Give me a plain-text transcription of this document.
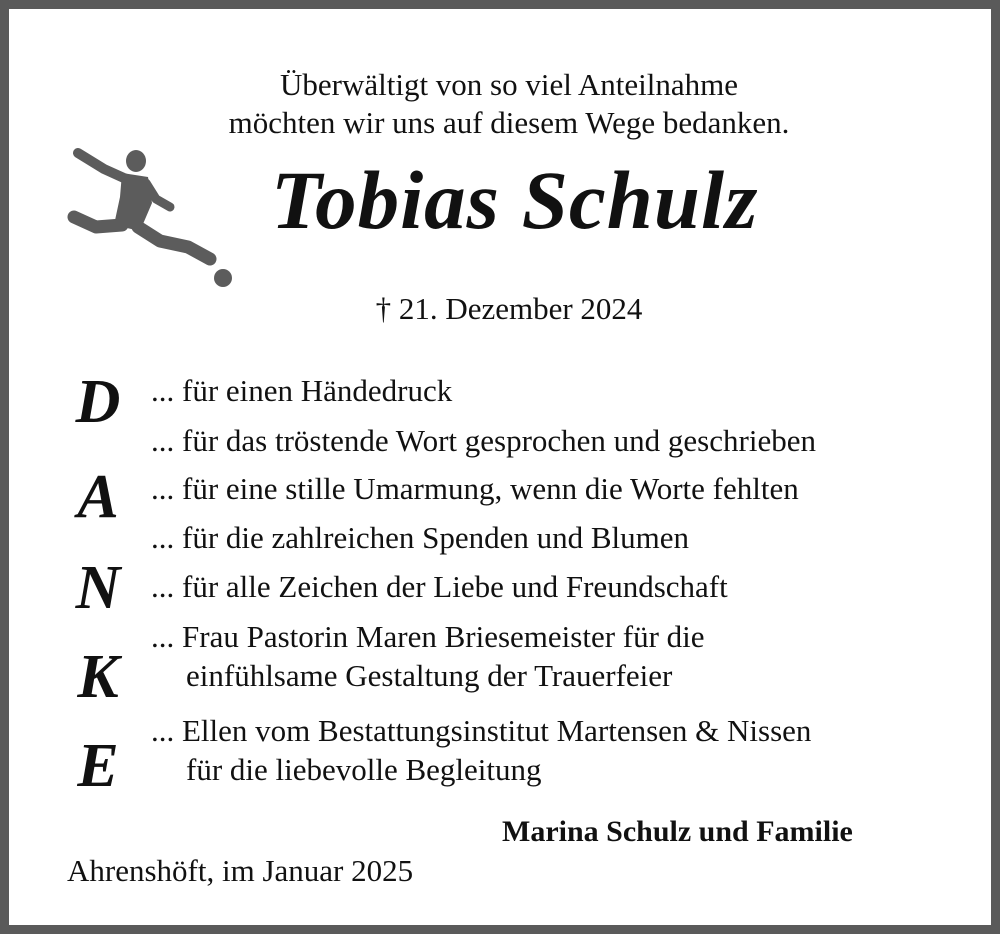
Überwältigt von so viel Anteilnahme
möchten wir uns auf diesem Wege bedanken.
Tobias Schulz
† 21. Dezember 2024
D
A
N
K
E
... für einen Händedruck
... für das tröstende Wort gesprochen und geschrieben
... für eine stille Umarmung, wenn die Worte fehlten
... für die zahlreichen Spenden und Blumen
... für alle Zeichen der Liebe und Freundschaft
... Frau Pastorin Maren Briesemeister für die
einfühlsame Gestaltung der Trauerfeier
... Ellen vom Bestattungsinstitut Martensen & Nissen
für die liebevolle Begleitung
Marina Schulz und Familie
Ahrenshöft, im Januar 2025
